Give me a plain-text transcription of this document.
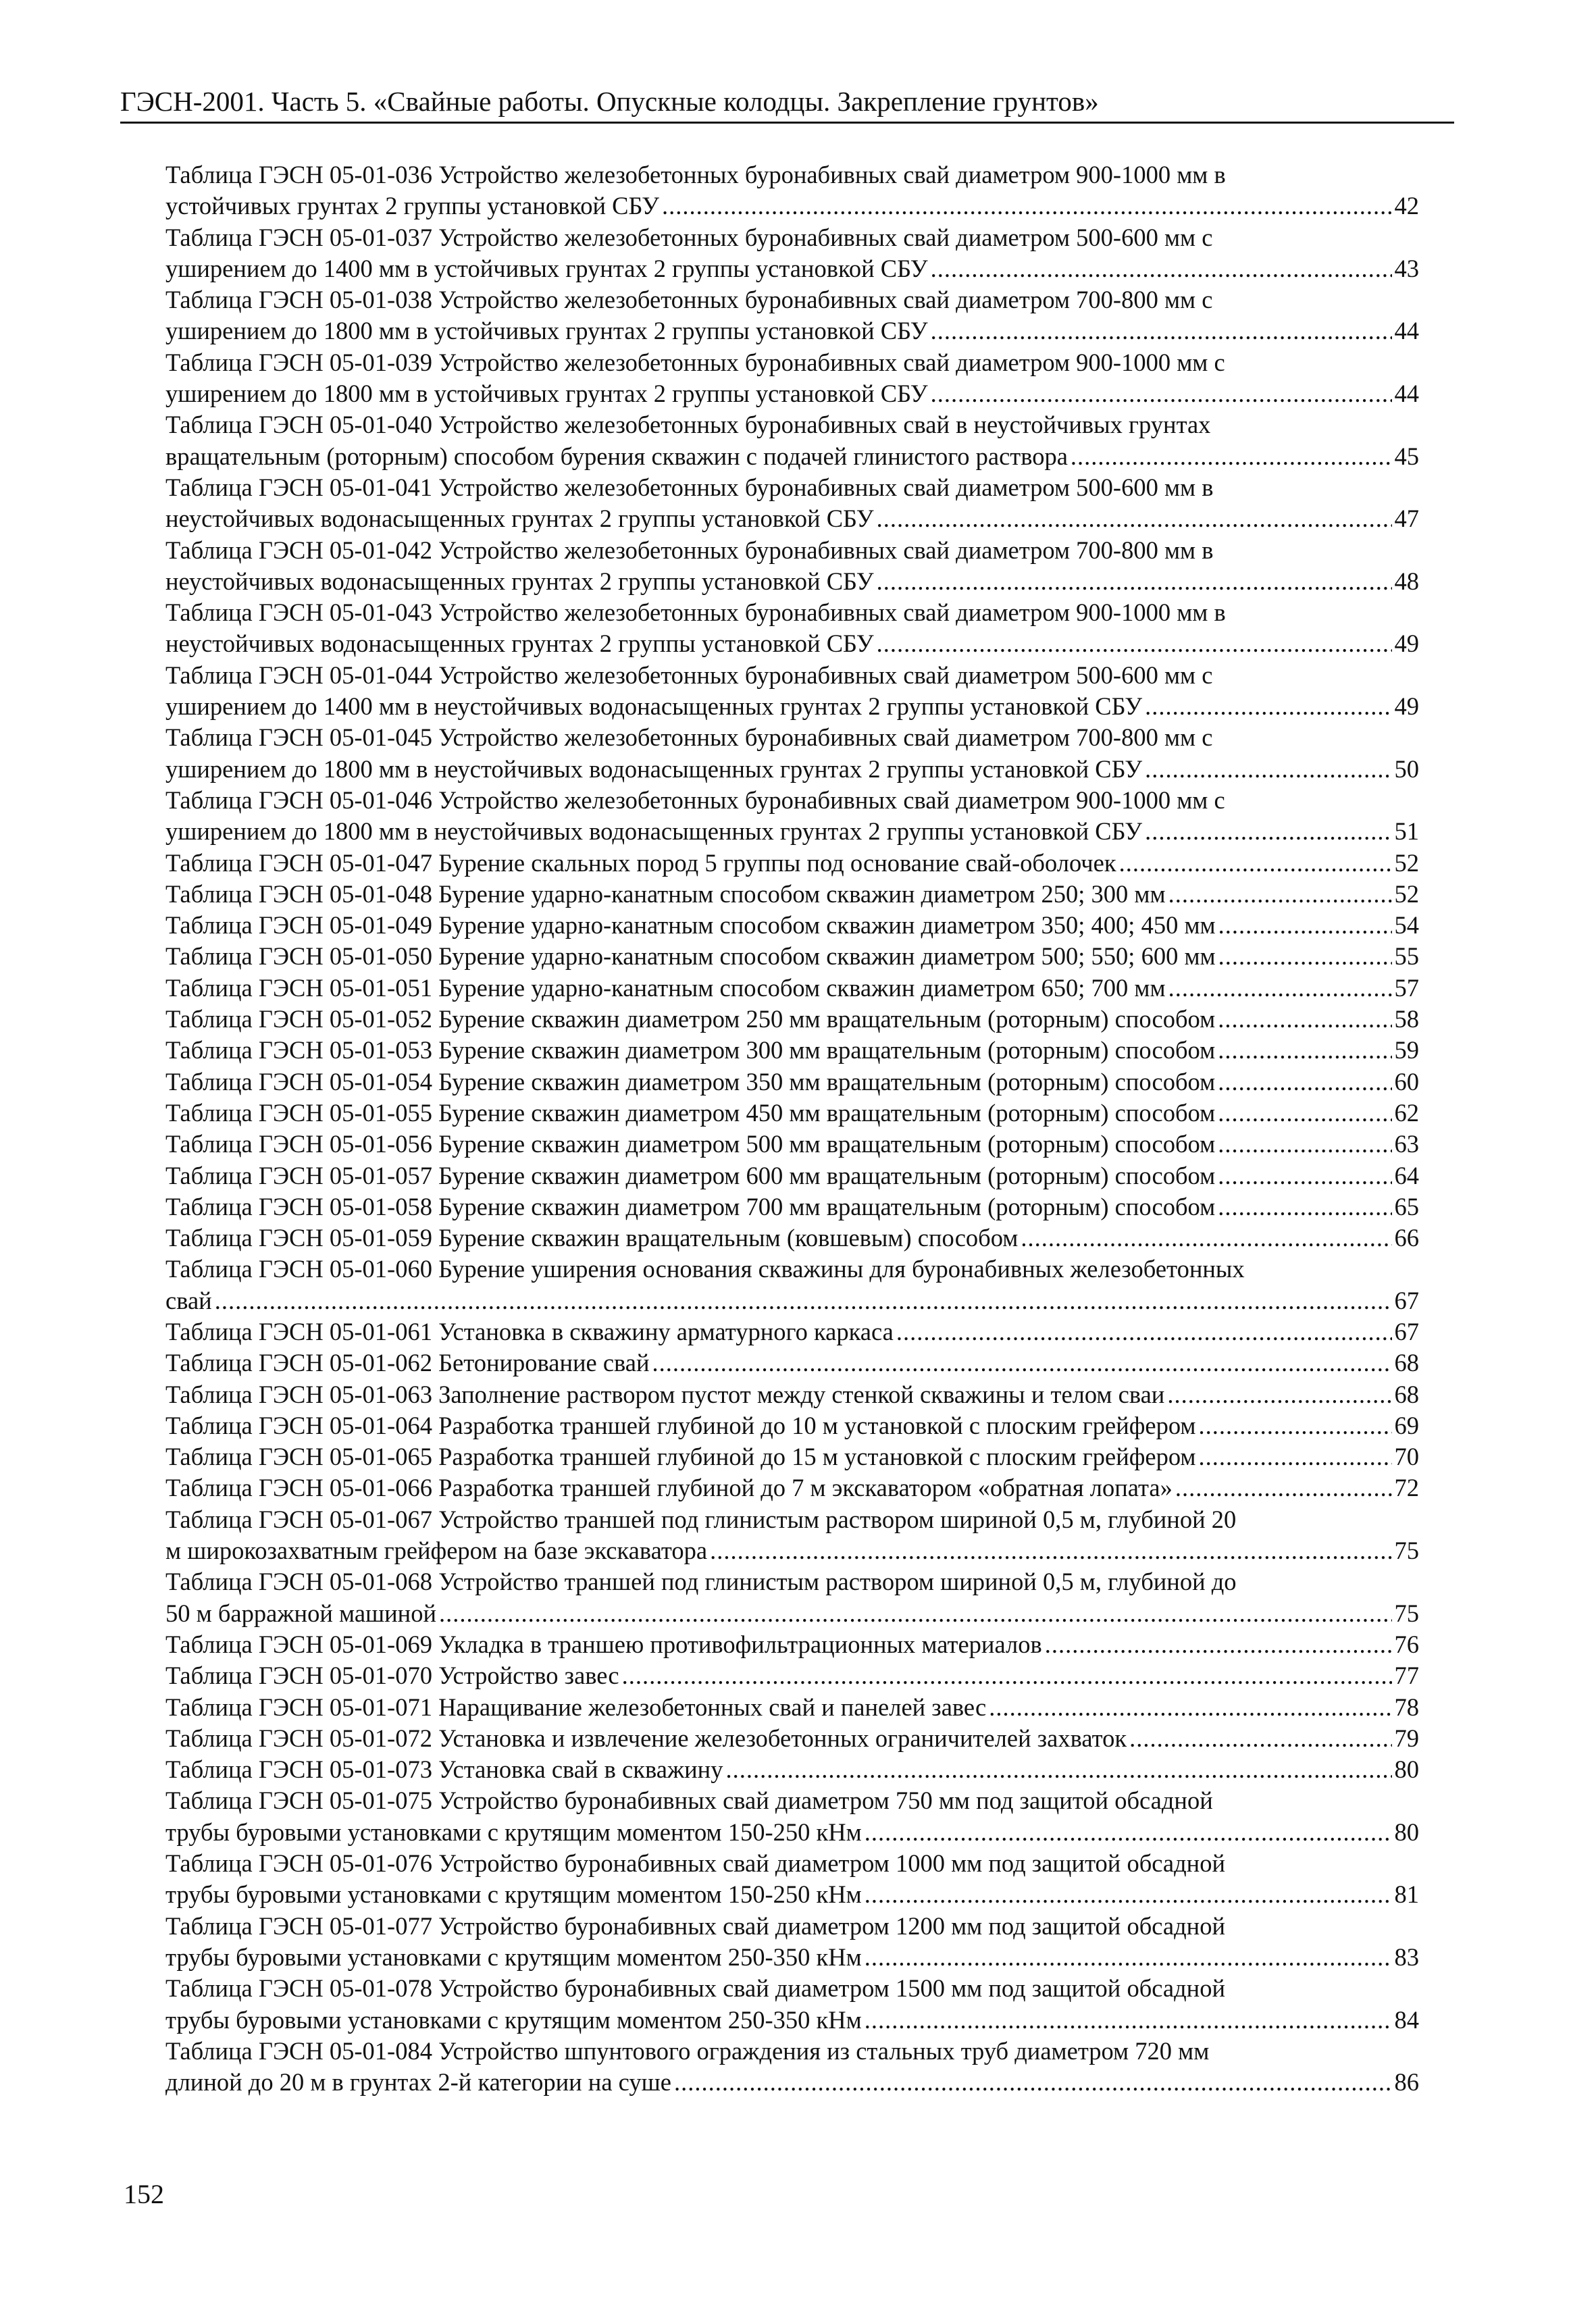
ГЭСН-2001. Часть 5. «Свайные работы. Опускные колодцы. Закрепление грунтов»
Таблица ГЭСН 05-01-036 Устройство железобетонных буронабивных свай диаметром 900-1000 мм в
устойчивых грунтах 2 группы установкой СБУ .....	42
Таблица ГЭСН 05-01-037 Устройство железобетонных буронабивных свай диаметром 500-600 мм с
уширением до 1400 мм в устойчивых грунтах 2 группы установкой СБУ .....	43
Таблица ГЭСН 05-01-038 Устройство железобетонных буронабивных свай диаметром 700-800 мм с
уширением до 1800 мм в устойчивых грунтах 2 группы установкой СБУ .....	44
Таблица ГЭСН 05-01-039 Устройство железобетонных буронабивных свай диаметром 900-1000 мм с
уширением до 1800 мм в устойчивых грунтах 2 группы установкой СБУ .....	44
Таблица ГЭСН 05-01-040 Устройство железобетонных буронабивных свай в неустойчивых грунтах
вращательным (роторным) способом бурения скважин с подачей глинистого раствора .....	45
Таблица ГЭСН 05-01-041 Устройство железобетонных буронабивных свай диаметром 500-600 мм в
неустойчивых водонасыщенных грунтах 2 группы установкой СБУ .....	47
Таблица ГЭСН 05-01-042 Устройство железобетонных буронабивных свай диаметром 700-800 мм в
неустойчивых водонасыщенных грунтах 2 группы установкой СБУ .....	48
Таблица ГЭСН 05-01-043 Устройство железобетонных буронабивных свай диаметром 900-1000 мм в
неустойчивых водонасыщенных грунтах 2 группы установкой СБУ .....	49
Таблица ГЭСН 05-01-044 Устройство железобетонных буронабивных свай диаметром 500-600 мм с
уширением до 1400 мм в неустойчивых водонасыщенных грунтах 2 группы установкой СБУ .....	49
Таблица ГЭСН 05-01-045 Устройство железобетонных буронабивных свай диаметром 700-800 мм с
уширением до 1800 мм в неустойчивых водонасыщенных грунтах 2 группы установкой СБУ .....	50
Таблица ГЭСН 05-01-046 Устройство железобетонных буронабивных свай диаметром 900-1000 мм с
уширением до 1800 мм в неустойчивых водонасыщенных грунтах 2 группы установкой СБУ .....	51
Таблица ГЭСН 05-01-047 Бурение скальных пород 5 группы под основание свай-оболочек .....	52
Таблица ГЭСН 05-01-048 Бурение ударно-канатным способом скважин диаметром 250; 300 мм .....	52
Таблица ГЭСН 05-01-049 Бурение ударно-канатным способом скважин диаметром 350; 400; 450 мм .....	54
Таблица ГЭСН 05-01-050 Бурение ударно-канатным способом скважин диаметром 500; 550; 600 мм .....	55
Таблица ГЭСН 05-01-051 Бурение ударно-канатным способом скважин диаметром 650; 700 мм .....	57
Таблица ГЭСН 05-01-052 Бурение скважин диаметром 250 мм вращательным (роторным) способом .....	58
Таблица ГЭСН 05-01-053 Бурение скважин диаметром 300 мм вращательным (роторным) способом .....	59
Таблица ГЭСН 05-01-054 Бурение скважин диаметром 350 мм вращательным (роторным) способом .....	60
Таблица ГЭСН 05-01-055 Бурение скважин диаметром 450 мм вращательным (роторным) способом .....	62
Таблица ГЭСН 05-01-056 Бурение скважин диаметром 500 мм вращательным (роторным) способом .....	63
Таблица ГЭСН 05-01-057 Бурение скважин диаметром 600 мм вращательным (роторным) способом .....	64
Таблица ГЭСН 05-01-058 Бурение скважин диаметром 700 мм вращательным (роторным) способом .....	65
Таблица ГЭСН 05-01-059 Бурение скважин вращательным (ковшевым) способом .....	66
Таблица ГЭСН 05-01-060 Бурение уширения основания скважины для буронабивных железобетонных
свай .....	67
Таблица ГЭСН 05-01-061 Установка в скважину арматурного каркаса .....	67
Таблица ГЭСН 05-01-062 Бетонирование свай .....	68
Таблица ГЭСН 05-01-063 Заполнение раствором пустот между стенкой скважины и телом сваи .....	68
Таблица ГЭСН 05-01-064 Разработка траншей глубиной до 10 м установкой с плоским грейфером .....	69
Таблица ГЭСН 05-01-065 Разработка траншей глубиной до 15 м установкой с плоским грейфером .....	70
Таблица ГЭСН 05-01-066 Разработка траншей глубиной до 7 м экскаватором «обратная лопата» .....	72
Таблица ГЭСН 05-01-067 Устройство траншей под глинистым раствором шириной 0,5 м, глубиной 20
м широкозахватным грейфером на базе экскаватора .....	75
Таблица ГЭСН 05-01-068 Устройство траншей под глинистым раствором шириной 0,5 м, глубиной до
50 м барражной машиной .....	75
Таблица ГЭСН 05-01-069 Укладка в траншею противофильтрационных материалов .....	76
Таблица ГЭСН 05-01-070 Устройство завес .....	77
Таблица ГЭСН 05-01-071 Наращивание железобетонных свай и панелей завес .....	78
Таблица ГЭСН 05-01-072 Установка и извлечение железобетонных ограничителей захваток .....	79
Таблица ГЭСН 05-01-073 Установка свай в скважину .....	80
Таблица ГЭСН 05-01-075 Устройство буронабивных свай диаметром 750 мм под защитой обсадной
трубы буровыми установками с крутящим моментом 150-250 кНм .....	80
Таблица ГЭСН 05-01-076 Устройство буронабивных свай диаметром 1000 мм под защитой обсадной
трубы буровыми установками с крутящим моментом 150-250 кНм .....	81
Таблица ГЭСН 05-01-077 Устройство буронабивных свай диаметром 1200 мм под защитой обсадной
трубы буровыми установками с крутящим моментом 250-350 кНм .....	83
Таблица ГЭСН 05-01-078 Устройство буронабивных свай диаметром 1500 мм под защитой обсадной
трубы буровыми установками с крутящим моментом 250-350 кНм .....	84
Таблица ГЭСН 05-01-084 Устройство шпунтового ограждения из стальных труб диаметром 720 мм
длиной до 20 м в грунтах 2-й категории на суше .....	86
152
